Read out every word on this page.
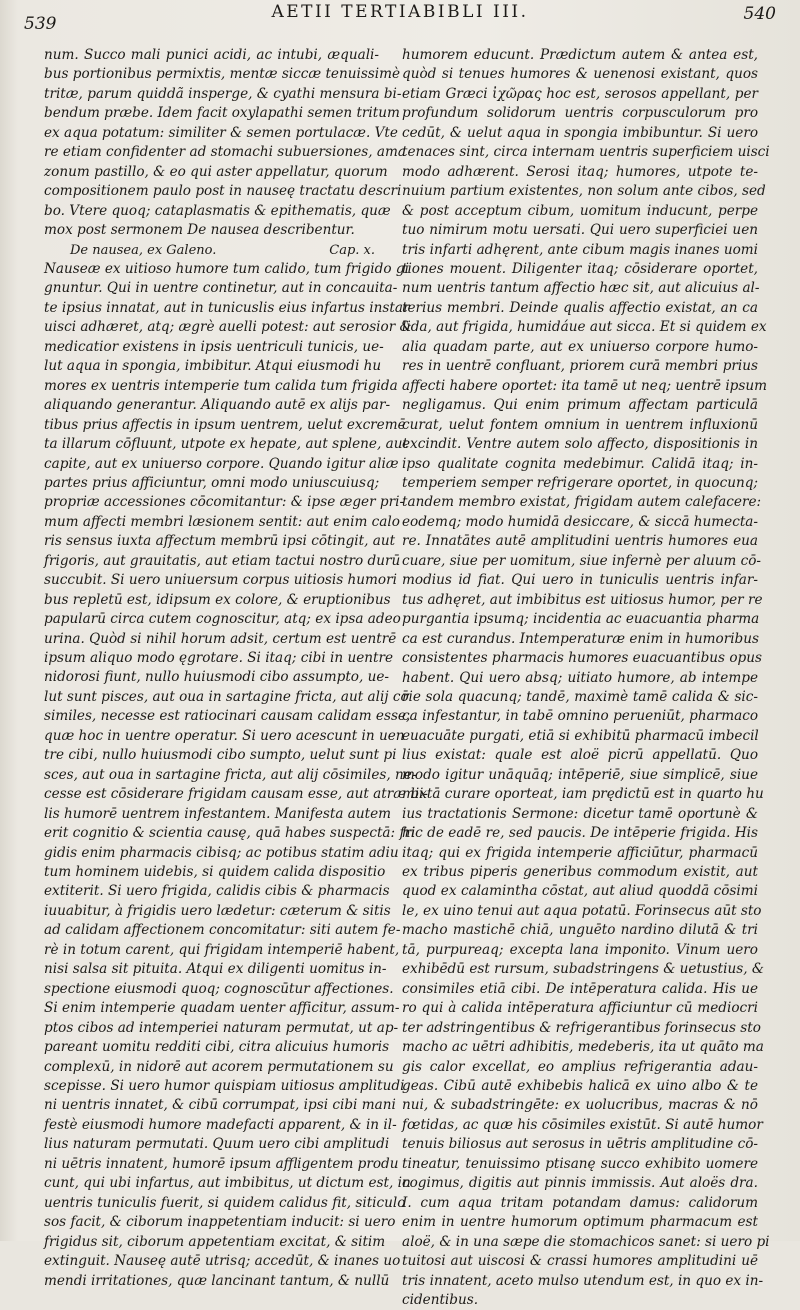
539
AETII TERTIABIBLI III.	540
num. Succo mali punici acidi, ac intubi, æquali-
bus portionibus permixtis, mentæ siccæ tenuissimè
tritæ, parum quiddã insperge, & cyathi mensura bi-
bendum præbe. Idem facit oxylapathi semen tritum
ex aqua potatum: similiter & semen portulacæ. Vte
re etiam confidenter ad stomachi subuersiones, ama
zonum pastillo, & eo qui aster appellatur, quorum
compositionem paulo post in nauseę tractatu descri
bo. Vtere quoq; cataplasmatis & epithematis, quæ
mox post sermonem De nausea describentur.
De nausea, ex Galeno.	Cap. x.
Nauseæ ex uitioso humore tum calido, tum frigido gi
gnuntur. Qui in uentre continetur, aut in concauita-
te ipsius innatat, aut in tunicuslis eius infartus instar
uisci adhæret, atq; ægrè auelli potest: aut serosior &
medicatior existens in ipsis uentriculi tunicis, ue-
lut aqua in spongia, imbibitur. Atqui eiusmodi hu
mores ex uentris intemperie tum calida tum frigida
aliquando generantur. Aliquando autē ex alijs par-
tibus prius affectis in ipsum uentrem, uelut excremē
ta illarum cōfluunt, utpote ex hepate, aut splene, aut
capite, aut ex uniuerso corpore. Quando igitur aliæ
partes prius afficiuntur, omni modo uniuscuiusq;
propriæ accessiones cōcomitantur: & ipse æger pri-
mum affecti membri læsionem sentit: aut enim calo
ris sensus iuxta affectum membrū ipsi cōtingit, aut
frigoris, aut grauitatis, aut etiam tactui nostro durū
succubit. Si uero uniuersum corpus uitiosis humori
bus repletū est, idipsum ex colore, & eruptionibus
papularū circa cutem cognoscitur, atq; ex ipsa adeo
urina. Quòd si nihil horum adsit, certum est uentrē
ipsum aliquo modo ęgrotare. Si itaq; cibi in uentre
nidorosi fiunt, nullo huiusmodi cibo assumpto, ue-
lut sunt pisces, aut oua in sartagine fricta, aut alij cō
similes, necesse est ratiocinari causam calidam esse,
quæ hoc in uentre operatur. Si uero acescunt in uen
tre cibi, nullo huiusmodi cibo sumpto, uelut sunt pi
sces, aut oua in sartagine fricta, aut alij cōsimiles, ne-
cesse est cōsiderare frigidam causam esse, aut atræ bi-
lis humorē uentrem infestantem. Manifesta autem
erit cognitio & scientia causę, quā habes suspectā: fri
gidis enim pharmacis cibisq; ac potibus statim adiu
tum hominem uidebis, si quidem calida dispositio
extiterit. Si uero frigida, calidis cibis & pharmacis
iuuabitur, à frigidis uero lædetur: cæterum & sitis
ad calidam affectionem concomitatur: siti autem fe-
rè in totum carent, qui frigidam intemperiē habent,
nisi salsa sit pituita. Atqui ex diligenti uomitus in-
spectione eiusmodi quoq; cognoscūtur affectiones.
Si enim intemperie quadam uenter afficitur, assum-
ptos cibos ad intemperiei naturam permutat, ut ap-
pareant uomitu redditi cibi, citra alicuius humoris
complexū, in nidorē aut acorem permutationem su
scepisse. Si uero humor quispiam uitiosus amplitudi
ni uentris innatet, & cibū corrumpat, ipsi cibi mani
festè eiusmodi humore madefacti apparent, & in il-
lius naturam permutati. Quum uero cibi amplitudi
ni uētris innatent, humorē ipsum affligentem produ
cunt, qui ubi infartus, aut imbibitus, ut dictum est, in
uentris tuniculis fuerit, si quidem calidus fit, siticulo
sos facit, & ciborum inappetentiam inducit: si uero
frigidus sit, ciborum appetentiam excitat, & sitim
extinguit. Nauseę autē utrisq; accedūt, & inanes uo
mendi irritationes, quæ lancinant tantum, & nullū
humorem educunt. Prædictum autem & antea est,
quòd si tenues humores & uenenosi existant, quos
etiam Græci ἰχῶρας hoc est, serosos appellant, per
profundum solidorum uentris corpusculorum pro
cedūt, & uelut aqua in spongia imbibuntur. Si uero
tenaces sint, circa internam uentris superficiem uisci
modo adhærent. Serosi itaq; humores, utpote te-
nuium partium existentes, non solum ante cibos, sed
& post acceptum cibum, uomitum inducunt, perpe
tuo nimirum motu uersati. Qui uero superficiei uen
tris infarti adhęrent, ante cibum magis inanes uomi
tiones mouent. Diligenter itaq; cōsiderare oportet,
num uentris tantum affectio hæc sit, aut alicuius al-
terius membri. Deinde qualis affectio existat, an ca
lida, aut frigida, humidáue aut sicca. Et si quidem ex
alia quadam parte, aut ex uniuerso corpore humo-
res in uentrē confluant, priorem curā membri prius
affecti habere oportet: ita tamē ut neq; uentrē ipsum
negligamus. Qui enim primum affectam particulā
curat, uelut fontem omnium in uentrem influxionū
excindit. Ventre autem solo affecto, dispositionis in
ipso qualitate cognita medebimur. Calidā itaq; in-
temperiem semper refrigerare oportet, in quocunq;
tandem membro existat, frigidam autem calefacere:
eodemq; modo humidā desiccare, & siccā humecta-
re. Innatātes autē amplitudini uentris humores eua
cuare, siue per uomitum, siue infernè per aluum cō-
modius id fiat. Qui uero in tuniculis uentris infar-
tus adhęret, aut imbibitus est uitiosus humor, per re
purgantia ipsumq; incidentia ac euacuantia pharma
ca est curandus. Intemperaturæ enim in humoribus
consistentes pharmacis humores euacuantibus opus
habent. Qui uero absq; uitiato humore, ab intempe
rie sola quacunq; tandē, maximè tamē calida & sic-
ca infestantur, in tabē omnino perueniūt, pharmaco
euacuāte purgati, etiā si exhibitū pharmacū imbecil
lius existat: quale est aloë picrū appellatū. Quo
modo igitur unāquāq; intēperiē, siue simplicē, siue
mixtā curare oporteat, iam prędictū est in quarto hu
ius tractationis Sermone: dicetur tamē oportunè &
hic de eadē re, sed paucis. De intēperie frigida. His
itaq; qui ex frigida intemperie afficiūtur, pharmacū
ex tribus piperis generibus commodum existit, aut
quod ex calamintha cōstat, aut aliud quoddā cōsimi
le, ex uino tenui aut aqua potatū. Forinsecus aūt sto
macho mastichē chiā, unguēto nardino dilutā & tri
tā, purpureaq; excepta lana imponito. Vinum uero
exhibēdū est rursum, subadstringens & uetustius, &
consimiles etiā cibi. De intēperatura calida. His ue
ro qui à calida intēperatura afficiuntur cū mediocri
ter adstringentibus & refrigerantibus forinsecus sto
macho ac uētri adhibitis, medeberis, ita ut quāto ma
gis calor excellat, eo amplius refrigerantia adau-
geas. Cibū autē exhibebis halicā ex uino albo & te
nui, & subadstringēte: ex uolucribus, macras & nō
fœtidas, ac quæ his cōsimiles existūt. Si autē humor
tenuis biliosus aut serosus in uētris amplitudine cō-
tineatur, tenuissimo ptisanę succo exhibito uomere
cogimus, digitis aut pinnis immissis. Aut aloës dra.
I. cum aqua tritam potandam damus: calidorum
enim in uentre humorum optimum pharmacum est
aloë, & in una sæpe die stomachicos sanet: si uero pi
tuitosi aut uiscosi & crassi humores amplitudini uē
tris innatent, aceto mulso utendum est, in quo ex in-
cidentibus.
